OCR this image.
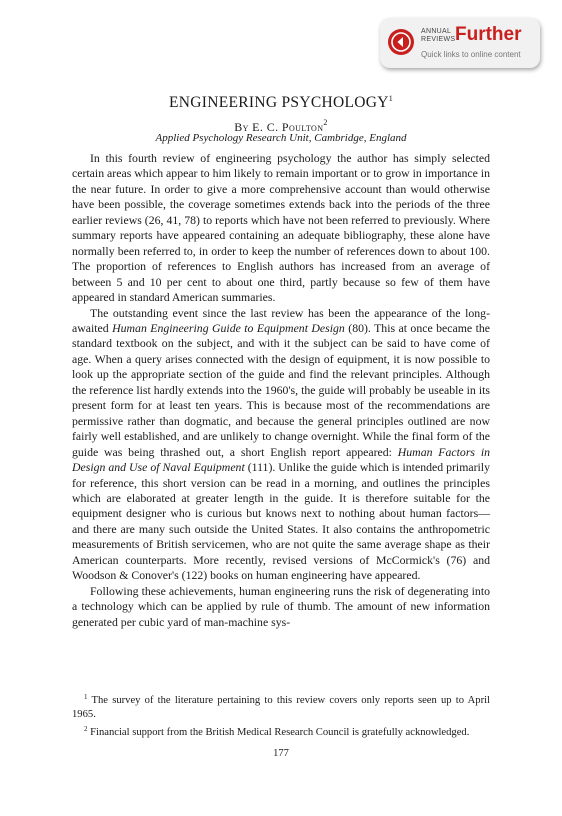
ANNUAL
REVIEWS Further
Quick links to online content
ENGINEERING PSYCHOLOGY$^1$
By E. C. Poulton$^2$
Applied Psychology Research Unit, Cambridge, England

In this fourth review of engineering psychology the author has simply selected certain areas which appear to him likely to remain important or to grow in importance in the near future. In order to give a more comprehensive account than would otherwise have been possible, the coverage sometimes extends back into the periods of the three earlier reviews (26, 41, 78) to reports which have not been referred to previously. Where summary reports have appeared containing an adequate bibliography, these alone have normally been referred to, in order to keep the number of references down to about 100. The proportion of references to English authors has increased from an average of between 5 and 10 per cent to about one third, partly because so few of them have appeared in standard American summaries.

The outstanding event since the last review has been the appearance of the long-awaited Human Engineering Guide to Equipment Design (80). This at once became the standard textbook on the subject, and with it the subject can be said to have come of age. When a query arises connected with the design of equipment, it is now possible to look up the appropriate section of the guide and find the relevant principles. Although the reference list hardly extends into the 1960's, the guide will probably be useable in its present form for at least ten years. This is because most of the recommendations are permissive rather than dogmatic, and because the general principles outlined are now fairly well established, and are unlikely to change overnight. While the final form of the guide was being thrashed out, a short English report appeared: Human Factors in Design and Use of Naval Equipment (111). Unlike the guide which is intended primarily for reference, this short version can be read in a morning, and outlines the principles which are elaborated at greater length in the guide. It is therefore suitable for the equipment designer who is curious but knows next to nothing about human factors—and there are many such outside the United States. It also contains the anthropometric measurements of British servicemen, who are not quite the same average shape as their American counterparts. More recently, revised versions of McCormick's (76) and Woodson & Conover's (122) books on human engineering have appeared.

Following these achievements, human engineering runs the risk of degenerating into a technology which can be applied by rule of thumb. The amount of new information generated per cubic yard of man-machine sys-

$^1$ The survey of the literature pertaining to this review covers only reports seen up to April 1965.

$^2$ Financial support from the British Medical Research Council is gratefully acknowledged.

177
